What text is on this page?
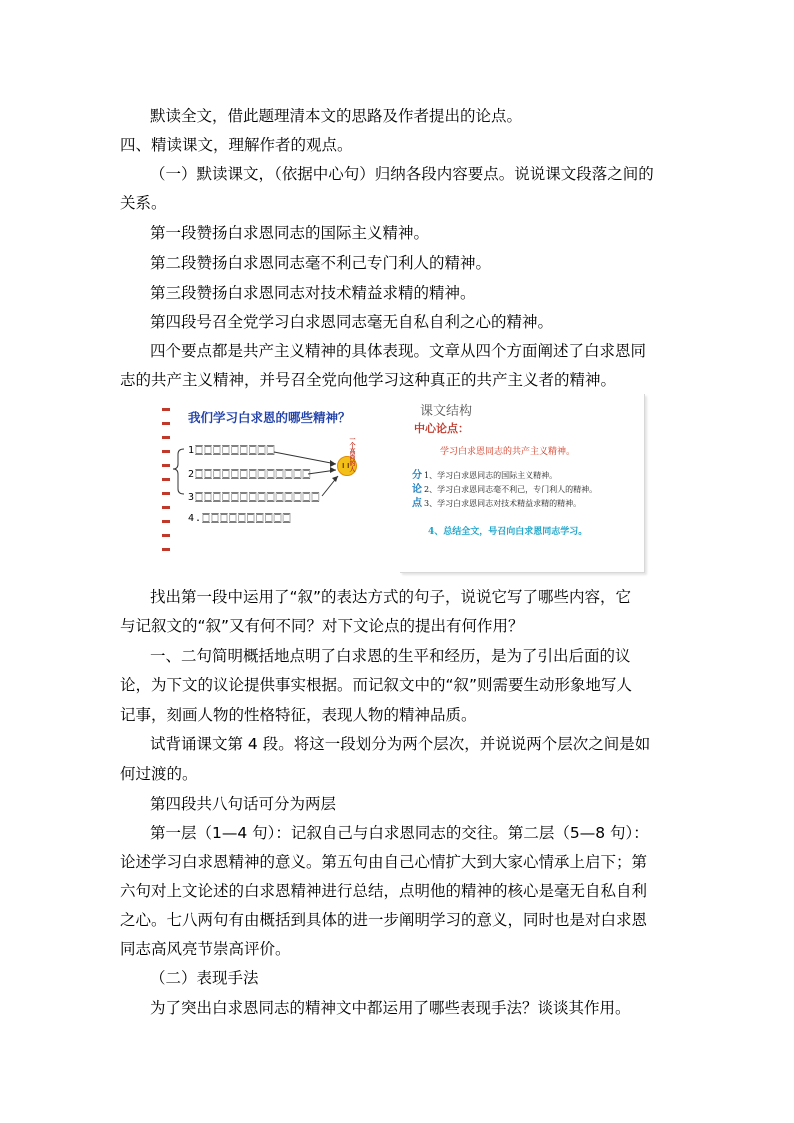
默读全文，借此题理清本文的思路及作者提出的论点。

四、精读课文，理解作者的观点。

（一）默读课文，（依据中心句）归纳各段内容要点。说说课文段落之间的

关系。

第一段赞扬白求恩同志的国际主义精神。

第二段赞扬白求恩同志毫不利己专门利人的精神。

第三段赞扬白求恩同志对技术精益求精的精神。

第四段号召全党学习白求恩同志毫无自私自利之心的精神。

四个要点都是共产主义精神的具体表现。文章从四个方面阐述了白求恩同

志的共产主义精神，并号召全党向他学习这种真正的共产主义者的精神。

我们学习白求恩的哪些精神？
1🀆🀆🀆🀆🀆🀆🀆🀆🀆
2🀆🀆🀆🀆🀆🀆🀆🀆🀆🀆🀆🀆🀆
3🀆🀆🀆🀆🀆🀆🀆🀆🀆🀆🀆🀆🀆🀆
4.🀆🀆🀆🀆🀆🀆🀆🀆🀆🀆
I I
一个高尚的人
课文结构
中心论点：
学习白求恩同志的共产主义精神。
分
论
点
1、学习白求恩同志的国际主义精神。
2、学习白求恩同志毫不利己，专门利人的精神。
3、学习白求恩同志对技术精益求精的精神。
4、总结全文，号召向白求恩同志学习。

找出第一段中运用了“叙”的表达方式的句子，说说它写了哪些内容，它

与记叙文的“叙”又有何不同？对下文论点的提出有何作用？

一、二句简明概括地点明了白求恩的生平和经历，是为了引出后面的议

论，为下文的议论提供事实根据。而记叙文中的“叙”则需要生动形象地写人

记事，刻画人物的性格特征，表现人物的精神品质。

试背诵课文第 4 段。将这一段划分为两个层次，并说说两个层次之间是如

何过渡的。

第四段共八句话可分为两层

第一层（1—4 句）：记叙自己与白求恩同志的交往。第二层（5—8 句）：

论述学习白求恩精神的意义。第五句由自己心情扩大到大家心情承上启下；第

六句对上文论述的白求恩精神进行总结，点明他的精神的核心是毫无自私自利

之心。七八两句有由概括到具体的进一步阐明学习的意义，同时也是对白求恩

同志高风亮节崇高评价。

（二）表现手法

为了突出白求恩同志的精神文中都运用了哪些表现手法？谈谈其作用。
